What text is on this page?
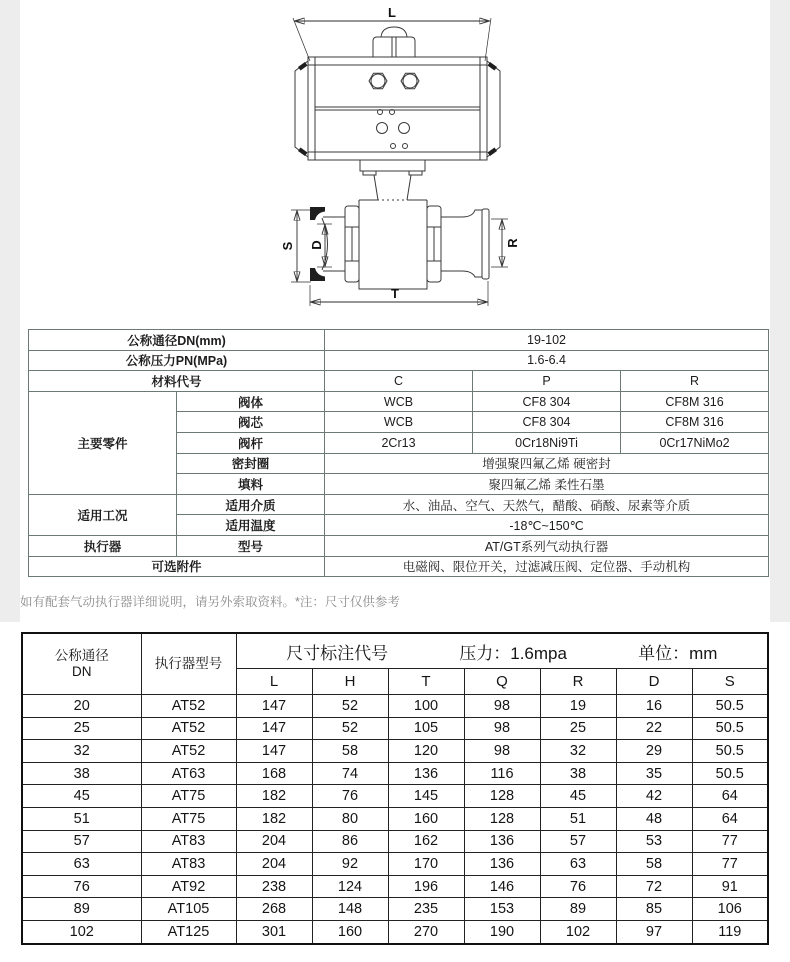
L
S D	R
T
公称通径DN(mm)		19-102		
公称压力PN(MPa)		1.6-6.4		
材料代号		C	P	R
主要零件	阀体	WCB	CF8 304	CF8M 316
	阀芯	WCB	CF8 304	CF8M 316
	阀杆	2Cr13	0Cr18Ni9Ti	0Cr17NiMo2
	密封圈	增强聚四氟乙烯 硬密封		
	填料	聚四氟乙烯 柔性石墨		
适用工况	适用介质	水、油品、空气、天然气，醋酸、硝酸、尿素等介质		
	适用温度	-18℃~150℃		
执行器	型号	AT/GT系列气动执行器		
可选附件		电磁阀、限位开关，过滤减压阀、定位器、手动机构		
如有配套气动执行器详细说明，请另外索取资料。*注：尺寸仅供参考
公称通径
DN
	执行器型号	
尺寸标注代号	压力：1.6mpa	单位：mm

		L	H	T	Q	R	D	S
20	AT52	147	52	100	98	19	16	50.5
25	AT52	147	52	105	98	25	22	50.5
32	AT52	147	58	120	98	32	29	50.5
38	AT63	168	74	136	116	38	35	50.5
45	AT75	182	76	145	128	45	42	64
51	AT75	182	80	160	128	51	48	64
57	AT83	204	86	162	136	57	53	77
63	AT83	204	92	170	136	63	58	77
76	AT92	238	124	196	146	76	72	91
89	AT105	268	148	235	153	89	85	106
102	AT125	301	160	270	190	102	97	119
